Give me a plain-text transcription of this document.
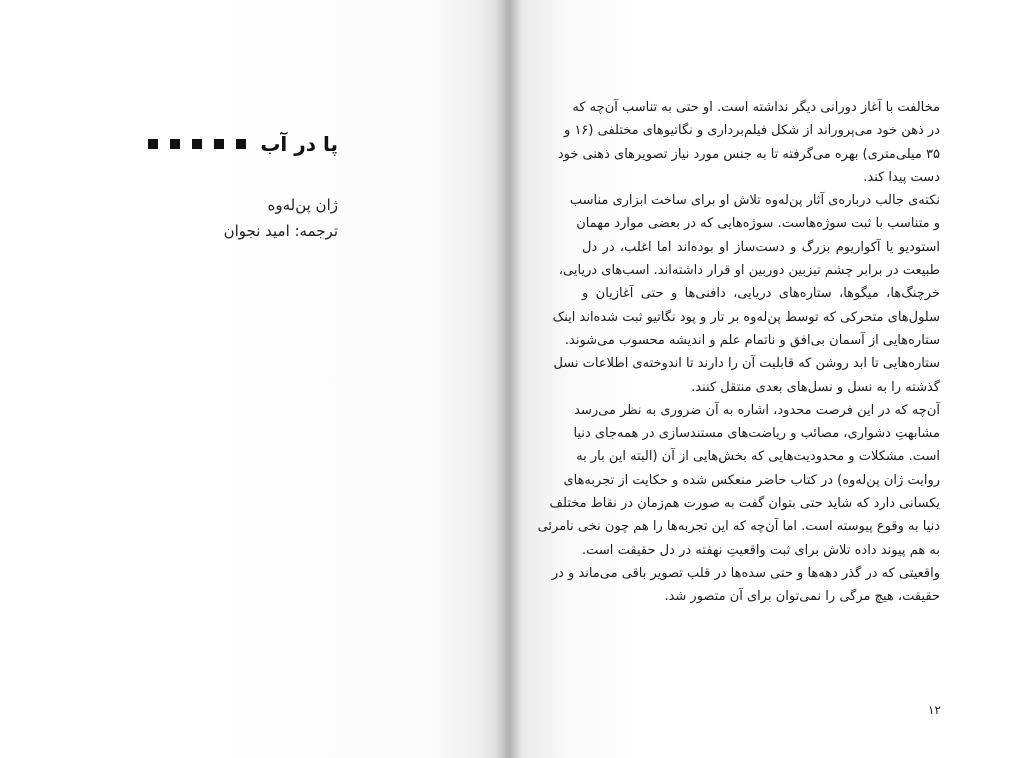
پا در آب
ژان پن‌له‌وه
ترجمه: امید نجوان
مخالفت با آغاز دورانی دیگر نداشته است. او حتی به تناسب آن‌چه که
در ذهن خود می‌پروراند از شکل فیلم‌برداری و نگاتیوهای مختلفی (۱۶ و
۳۵ میلی‌متری) بهره می‌گرفته تا به جنس مورد نیاز تصویرهای ذهنی خود
دست پیدا کند.
نکته‌ی جالب درباره‌ی آثار پن‌له‌وه تلاش او برای ساخت ابزاری مناسب
و متناسب با ثبت سوژه‌هاست. سوژه‌هایی که در بعضی موارد مهمان
استودیو یا آکواریوم بزرگ و دست‌ساز او بوده‌اند اما اغلب، در دل
طبیعت در برابر چشم تیزبین دوربین او قرار داشته‌اند. اسب‌های دریایی،
خرچنگ‌ها، میگوها، ستاره‌های دریایی، دافنی‌ها و حتی آغازیان و
سلول‌های متحرکی که توسط پن‌له‌وه بر تار و پود نگاتیو ثبت شده‌اند اینک
ستاره‌هایی از آسمان بی‌افق و ناتمام علم و اندیشه محسوب می‌شوند.
ستاره‌هایی تا ابد روشن که قابلیت آن را دارند تا اندوخته‌ی اطلاعات نسل
گذشته را به نسل و نسل‌های بعدی منتقل کنند.
آن‌چه که در این فرصت محدود، اشاره به آن ضروری به نظر می‌رسد
مشابهتِ دشواری، مصائب و ریاضت‌های مستندسازی در همه‌جای دنیا
است. مشکلات و محدودیت‌هایی که بخش‌هایی از آن (البته این بار به
روایت ژان پن‌له‌وه) در کتاب حاضر منعکس شده و حکایت از تجربه‌های
یکسانی دارد که شاید حتی بتوان گفت به صورت هم‌زمان در نقاط مختلف
دنیا به وقوع پیوسته است. اما آن‌چه که این تجربه‌ها را هم چون نخی نامرئی
به هم پیوند داده تلاش برای ثبت واقعیتِ نهفته در دل حقیقت است.
واقعیتی که در گذر دهه‌ها و حتی سده‌ها در قلب تصویر باقی می‌ماند و در
حقیقت، هیچ مرگی را نمی‌توان برای آن متصور شد.
۱۲
